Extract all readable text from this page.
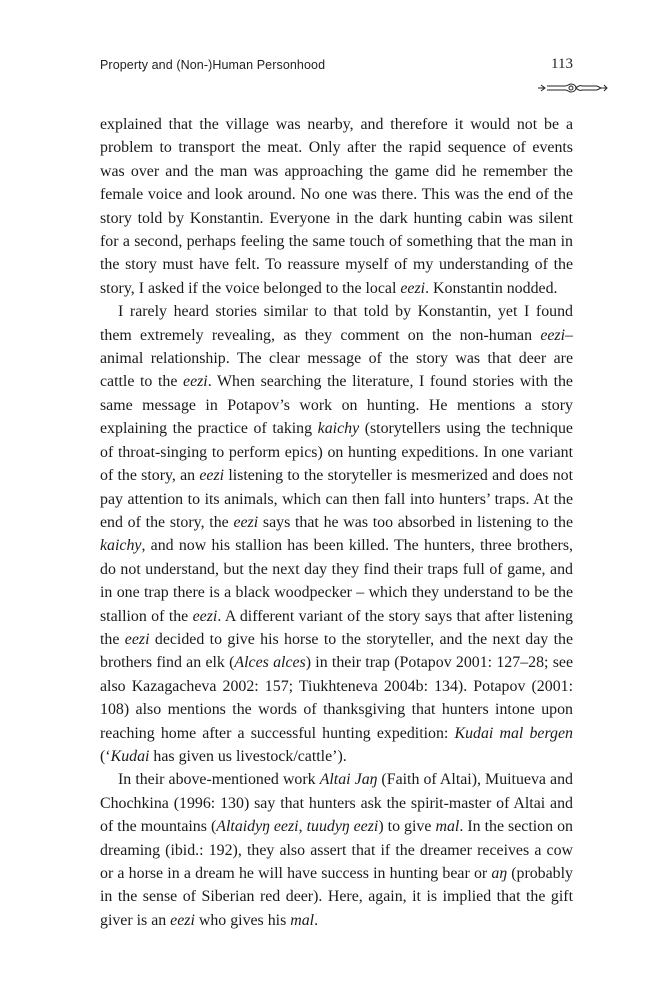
Property and (Non-)Human Personhood	113

explained that the village was nearby, and therefore it would not be a problem to transport the meat. Only after the rapid sequence of events was over and the man was approaching the game did he remember the female voice and look around. No one was there. This was the end of the story told by Konstantin. Everyone in the dark hunting cabin was silent for a second, perhaps feeling the same touch of something that the man in the story must have felt. To reassure myself of my understanding of the story, I asked if the voice belonged to the local eezi. Konstantin nodded.

I rarely heard stories similar to that told by Konstantin, yet I found them extremely revealing, as they comment on the non-human eezi–animal relationship. The clear message of the story was that deer are cattle to the eezi. When searching the literature, I found stories with the same message in Potapov’s work on hunting. He mentions a story explaining the practice of taking kaichy (storytellers using the technique of throat-singing to perform epics) on hunting expeditions. In one variant of the story, an eezi listening to the storyteller is mesmerized and does not pay attention to its animals, which can then fall into hunters’ traps. At the end of the story, the eezi says that he was too absorbed in listening to the kaichy, and now his stallion has been killed. The hunters, three brothers, do not understand, but the next day they find their traps full of game, and in one trap there is a black woodpecker – which they understand to be the stallion of the eezi. A different variant of the story says that after listening the eezi decided to give his horse to the storyteller, and the next day the brothers find an elk (Alces alces) in their trap (Potapov 2001: 127–28; see also Kazagacheva 2002: 157; Tiukhteneva 2004b: 134). Potapov (2001: 108) also mentions the words of thanksgiving that hunters intone upon reaching home after a successful hunting expedition: Kudai mal bergen (‘Kudai has given us livestock/cattle’).

In their above-mentioned work Altai Jaŋ (Faith of Altai), Muitueva and Chochkina (1996: 130) say that hunters ask the spirit-master of Altai and of the mountains (Altaidyŋ eezi, tuudyŋ eezi) to give mal. In the section on dreaming (ibid.: 192), they also assert that if the dreamer receives a cow or a horse in a dream he will have success in hunting bear or aŋ (probably in the sense of Siberian red deer). Here, again, it is implied that the gift giver is an eezi who gives his mal.
